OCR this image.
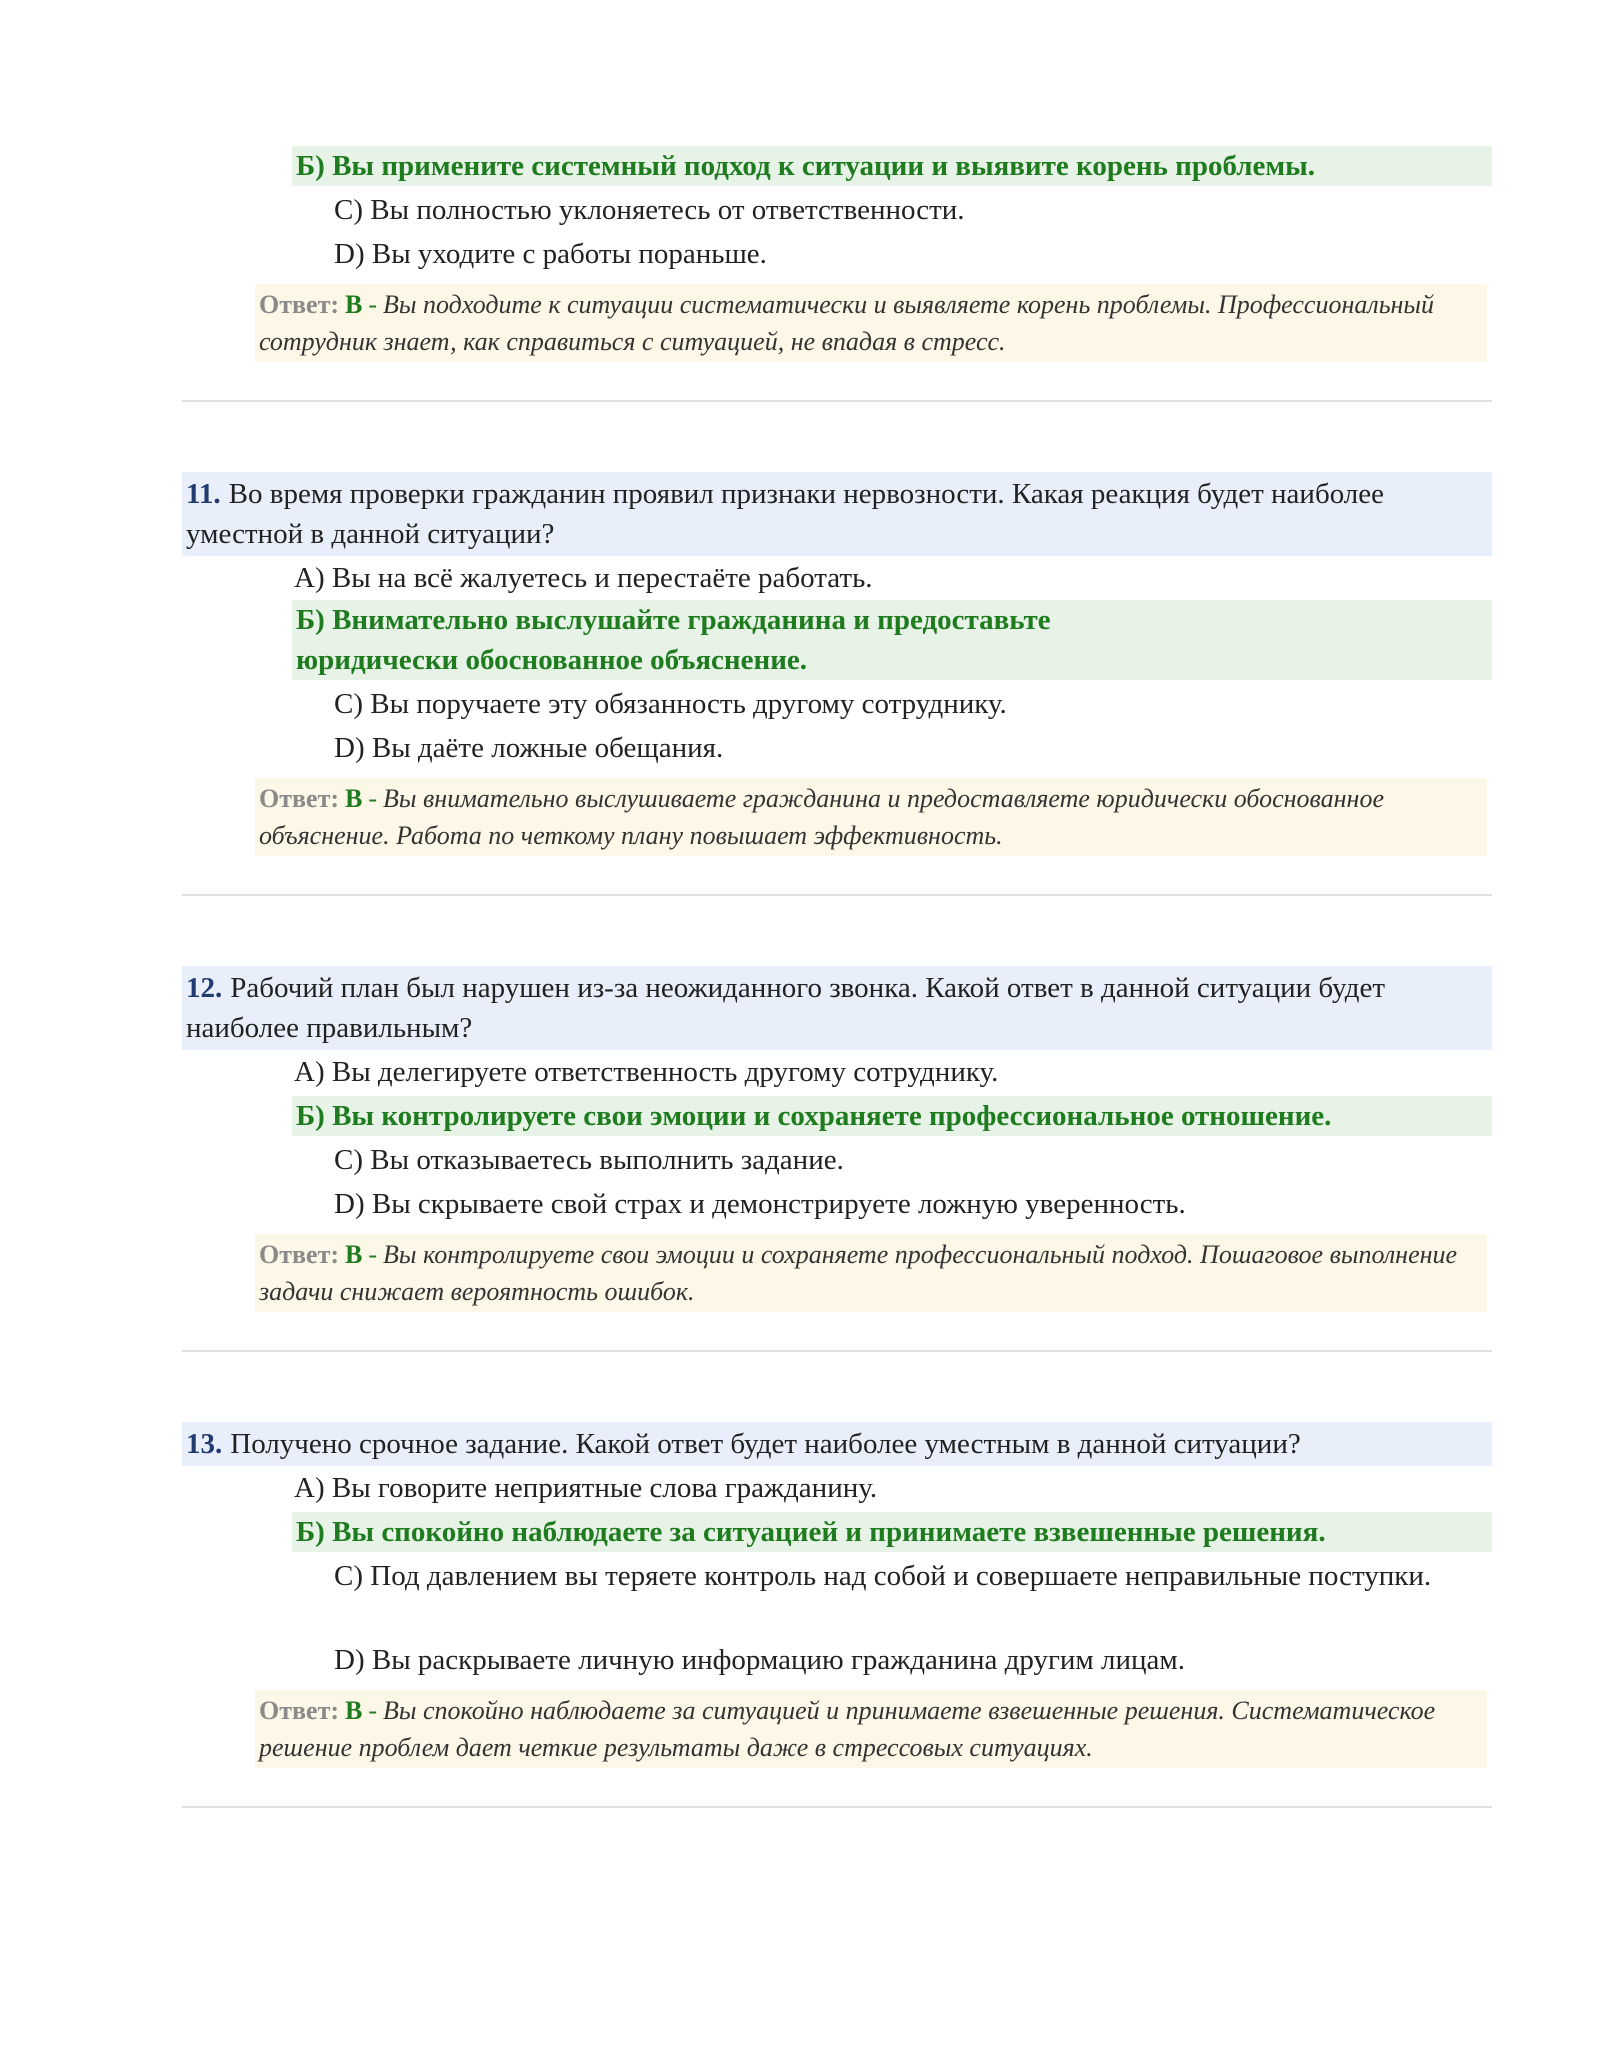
Б) Вы примените системный подход к ситуации и выявите корень проблемы.
C) Вы полностью уклоняетесь от ответственности.
D) Вы уходите с работы пораньше.
Ответ: B - Вы подходите к ситуации систематически и выявляете корень проблемы. Профессиональный сотрудник знает, как справиться с ситуацией, не впадая в стресс.
11. Во время проверки гражданин проявил признаки нервозности. Какая реакция будет наиболее уместной в данной ситуации?
A) Вы на всё жалуетесь и перестаёте работать.
Б) Внимательно выслушайте гражданина и предоставьте юридически обоснованное объяснение.
C) Вы поручаете эту обязанность другому сотруднику.
D) Вы даёте ложные обещания.
Ответ: B - Вы внимательно выслушиваете гражданина и предоставляете юридически обоснованное объяснение. Работа по четкому плану повышает эффективность.
12. Рабочий план был нарушен из-за неожиданного звонка. Какой ответ в данной ситуации будет наиболее правильным?
A) Вы делегируете ответственность другому сотруднику.
Б) Вы контролируете свои эмоции и сохраняете профессиональное отношение.
C) Вы отказываетесь выполнить задание.
D) Вы скрываете свой страх и демонстрируете ложную уверенность.
Ответ: B - Вы контролируете свои эмоции и сохраняете профессиональный подход. Пошаговое выполнение задачи снижает вероятность ошибок.
13. Получено срочное задание. Какой ответ будет наиболее уместным в данной ситуации?
A) Вы говорите неприятные слова гражданину.
Б) Вы спокойно наблюдаете за ситуацией и принимаете взвешенные решения.
C) Под давлением вы теряете контроль над собой и совершаете неправильные поступки.
D) Вы раскрываете личную информацию гражданина другим лицам.
Ответ: B - Вы спокойно наблюдаете за ситуацией и принимаете взвешенные решения. Систематическое решение проблем дает четкие результаты даже в стрессовых ситуациях.
